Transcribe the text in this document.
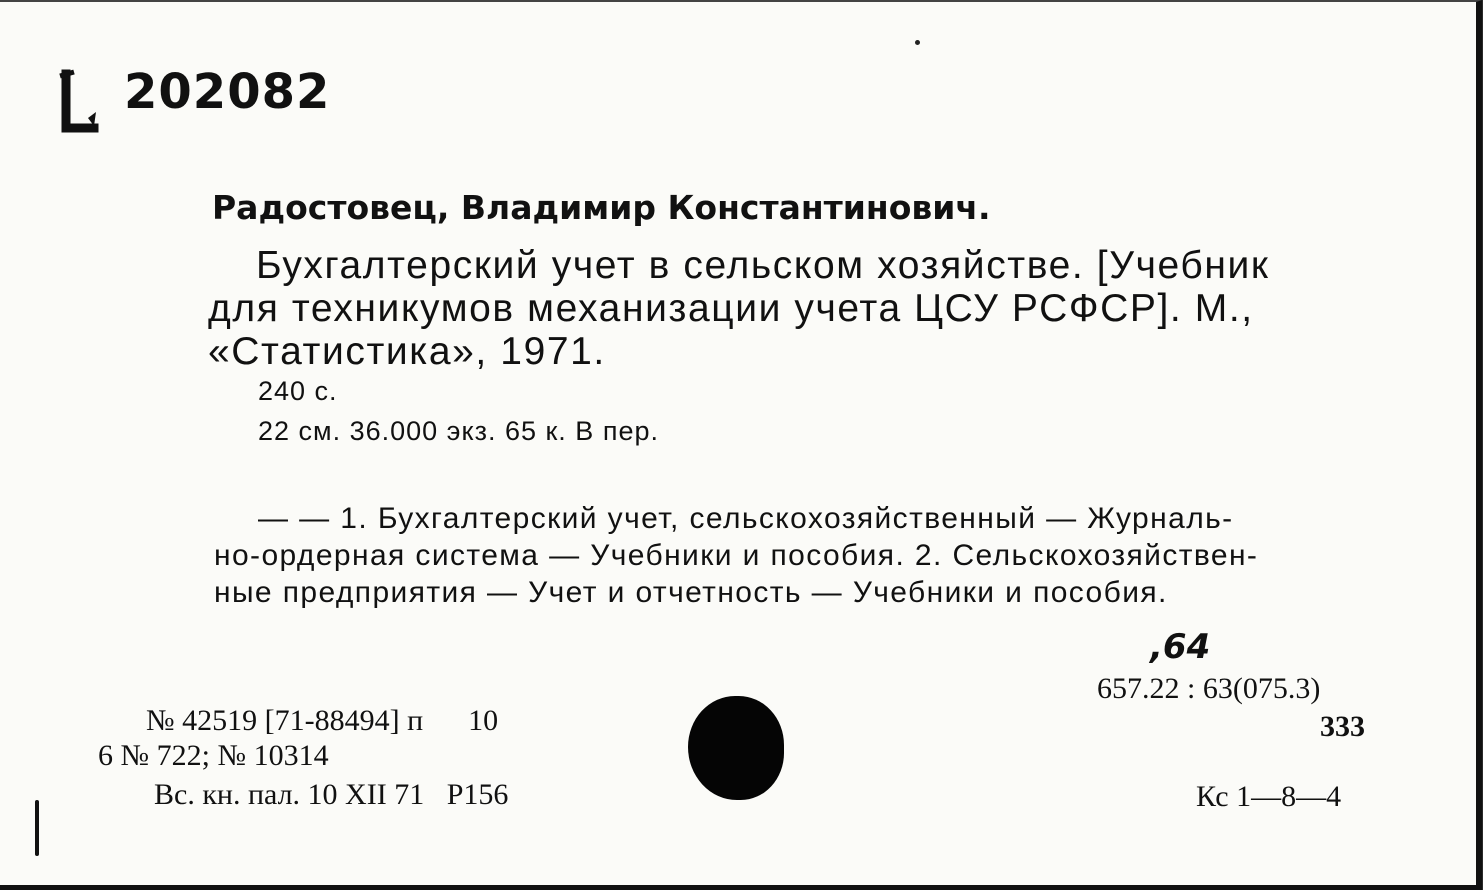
202082
Радостовец, Владимир Константинович.
Бухгалтерский учет в сельском хозяйстве. [Учебник
для техникумов механизации учета ЦСУ РСФСР]. М.,
«Статистика», 1971.
240 с.
22 см. 36.000 экз. 65 к. В пер.
— — 1. Бухгалтерский учет, сельскохозяйственный — Журналь-
но-ордерная система — Учебники и пособия. 2. Сельскохозяйствен-
ные предприятия — Учет и отчетность — Учебники и пособия.
,64
657.22 : 63(075.3)
333
Кс 1—8—4
№ 42519 [71-88494] п      10
6 № 722; № 10314
Вс. кн. пал. 10 XII 71   Р156
